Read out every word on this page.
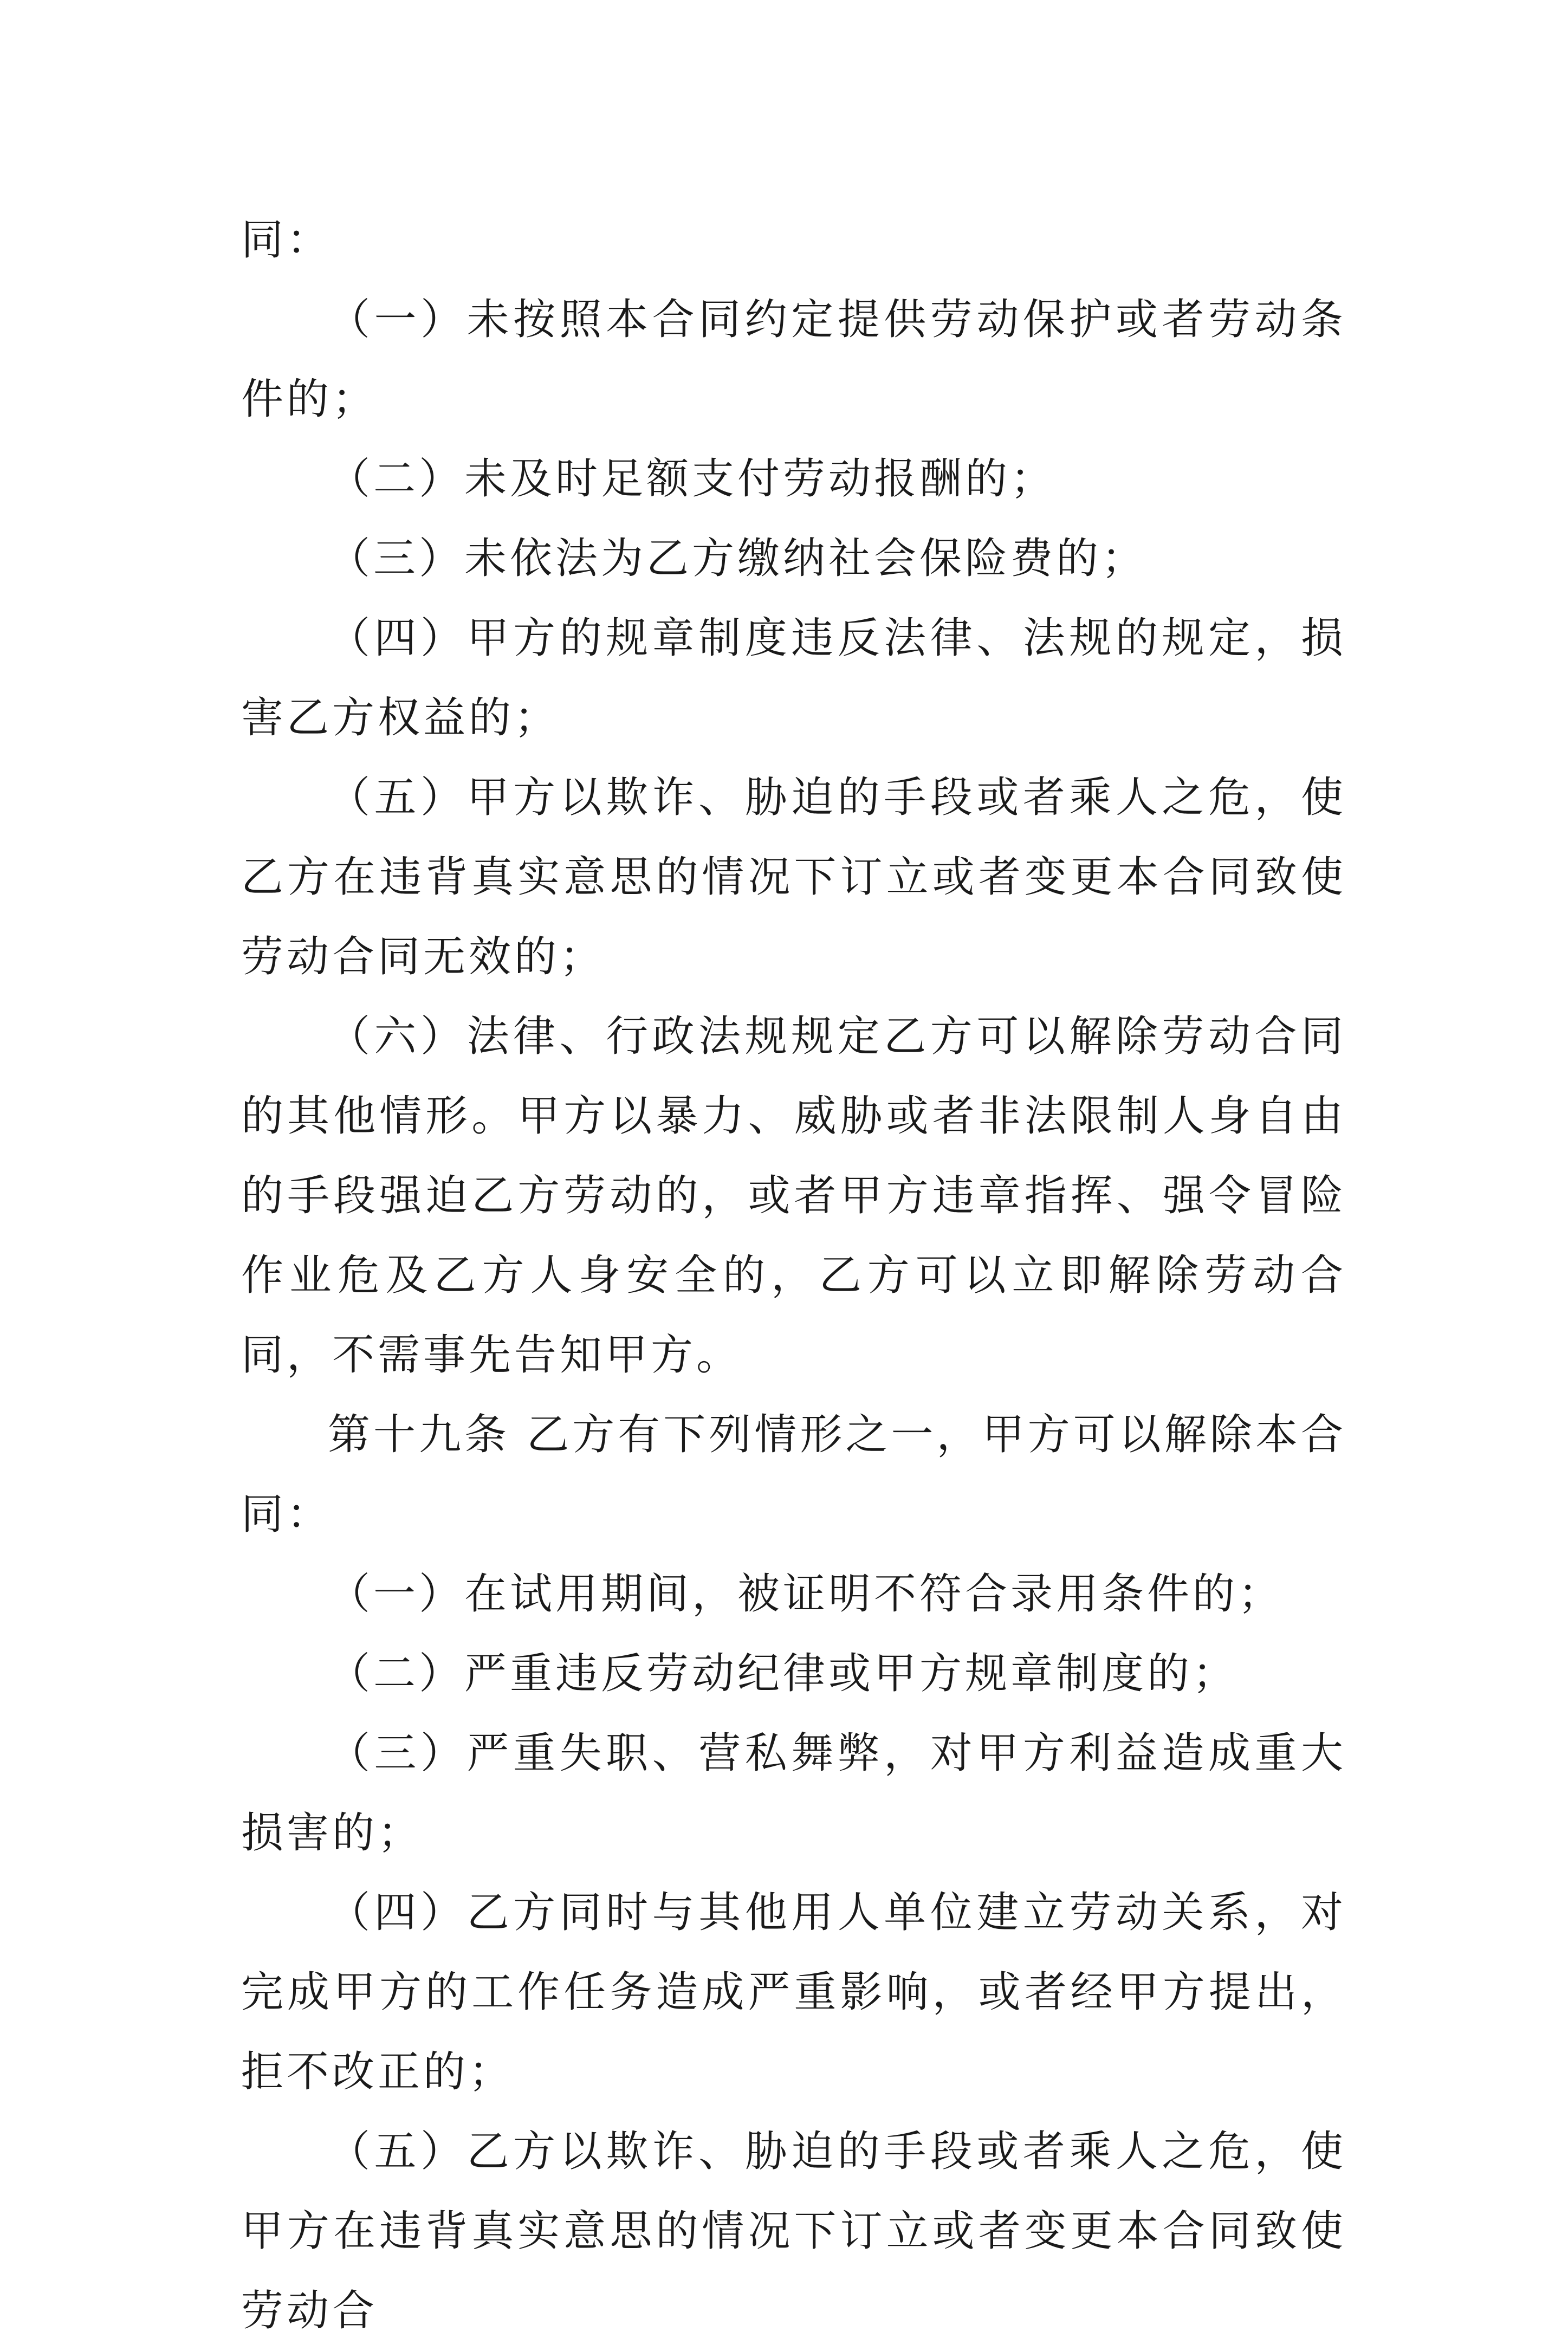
同：

（一）未按照本合同约定提供劳动保护或者劳动条件的；

（二）未及时足额支付劳动报酬的；

（三）未依法为乙方缴纳社会保险费的；

（四）甲方的规章制度违反法律、法规的规定，损害乙方权益的；

（五）甲方以欺诈、胁迫的手段或者乘人之危，使乙方在违背真实意思的情况下订立或者变更本合同致使劳动合同无效的；

（六）法律、行政法规规定乙方可以解除劳动合同的其他情形。甲方以暴力、威胁或者非法限制人身自由的手段强迫乙方劳动的，或者甲方违章指挥、强令冒险作业危及乙方人身安全的，乙方可以立即解除劳动合同，不需事先告知甲方。

第十九条 乙方有下列情形之一，甲方可以解除本合同：

（一）在试用期间，被证明不符合录用条件的；

（二）严重违反劳动纪律或甲方规章制度的；

（三）严重失职、营私舞弊，对甲方利益造成重大损害的；

（四）乙方同时与其他用人单位建立劳动关系，对完成甲方的工作任务造成严重影响，或者经甲方提出，拒不改正的；

（五）乙方以欺诈、胁迫的手段或者乘人之危，使甲方在违背真实意思的情况下订立或者变更本合同致使劳动合
